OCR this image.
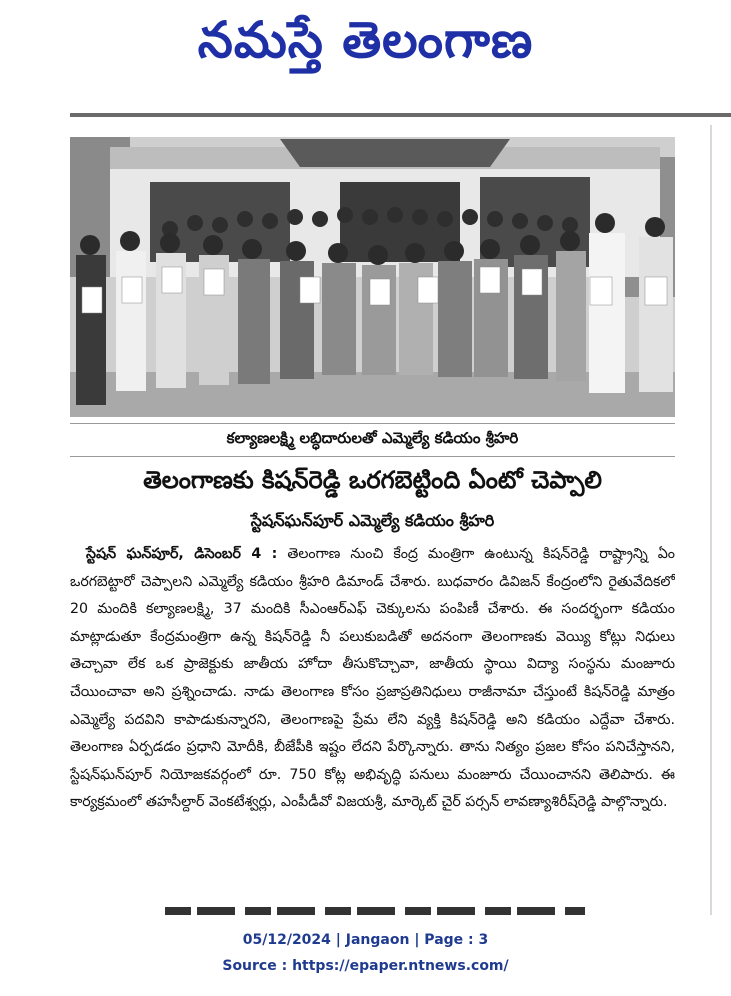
నమస్తే తెలంగాణ
కల్యాణలక్ష్మి లబ్ధిదారులతో ఎమ్మెల్యే కడియం శ్రీహరి
తెలంగాణకు కిషన్‌రెడ్డి ఒరగబెట్టింది ఏంటో చెప్పాలి
స్టేషన్‌ఘన్‌పూర్ ఎమ్మెల్యే కడియం శ్రీహరి
స్టేషన్ ఘన్‌పూర్, డిసెంబర్ 4 : తెలంగాణ నుంచి కేంద్ర మంత్రిగా ఉంటున్న కిషన్‌రెడ్డి రాష్ట్రాన్ని ఏం ఒరగబెట్టారో చెప్పాలని ఎమ్మెల్యే కడియం శ్రీహరి డిమాండ్ చేశారు. బుధవారం డివిజన్ కేంద్రంలోని రైతువేదికలో 20 మందికి కల్యాణలక్ష్మి, 37 మందికి సీఎంఆర్‌ఎఫ్ చెక్కులను పంపిణీ చేశారు. ఈ సందర్భంగా కడియం మాట్లాడుతూ కేంద్రమంత్రిగా ఉన్న కిషన్‌రెడ్డి నీ పలుకుబడితో అదనంగా తెలంగాణకు వెయ్యి కోట్లు నిధులు తెచ్చావా లేక ఒక ప్రాజెక్టుకు జాతీయ హోదా తీసుకొచ్చావా, జాతీయ స్థాయి విద్యా సంస్థను మంజూరు చేయించావా అని ప్రశ్నించాడు. నాడు తెలంగాణ కోసం ప్రజాప్రతినిధులు రాజీనామా చేస్తుంటే కిషన్‌రెడ్డి మాత్రం ఎమ్మెల్యే పదవిని కాపాడుకున్నారని, తెలంగాణపై ప్రేమ లేని వ్యక్తి కిషన్‌రెడ్డి అని కడియం ఎద్దేవా చేశారు. తెలంగాణ ఏర్పడడం ప్రధాని మోదీకి, బీజేపీకి ఇష్టం లేదని పేర్కొన్నారు. తాను నిత్యం ప్రజల కోసం పనిచేస్తానని, స్టేషన్‌ఘన్‌పూర్ నియోజకవర్గంలో రూ. 750 కోట్ల అభివృద్ధి పనులు మంజూరు చేయించానని తెలిపారు. ఈ కార్యక్రమంలో తహసీల్దార్ వెంకటేశ్వర్లు, ఎంపీడీవో విజయశ్రీ, మార్కెట్ చైర్ పర్సన్ లావణ్యాశిరీష్‌రెడ్డి పాల్గొన్నారు.
05/12/2024 | Jangaon | Page : 3
Source : https://epaper.ntnews.com/
